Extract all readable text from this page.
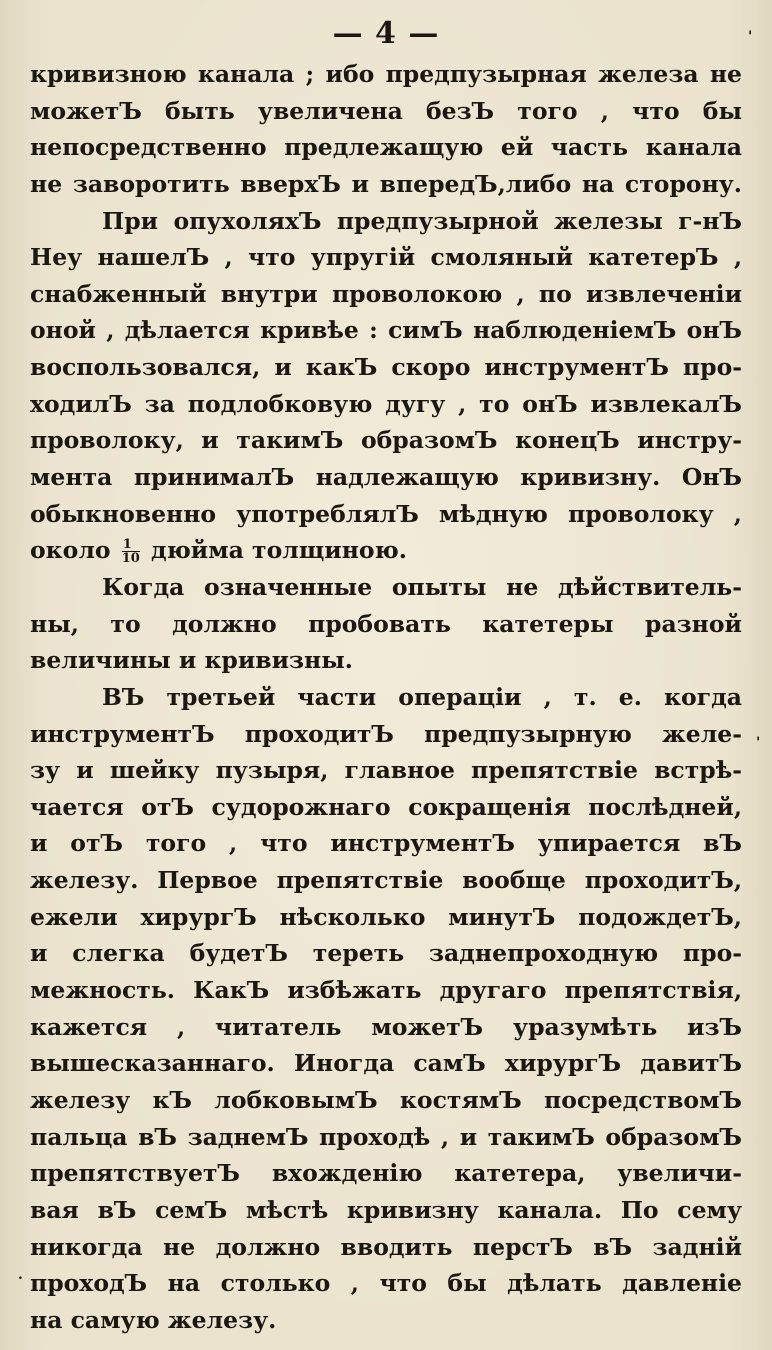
— 4 —
кривизною канала ; ибо предпузырная железа не
можетЪ быть увеличена безЪ того , что бы
непосредственно предлежащую ей часть канала
не заворотить вверхЪ и впередЪ,либо на сторону.
При опухоляхЪ предпузырной железы г-нЪ
Неу нашелЪ , что упругій смоляный катетерЪ ,
снабженный внутри проволокою , по извлеченіи
оной , дѣлается кривѣе : симЪ наблюденіемЪ онЪ
воспользовался, и какЪ скоро инструментЪ про-
ходилЪ за подлобковую дугу , то онЪ извлекалЪ
проволоку, и такимЪ образомЪ конецЪ инстру-
мента принималЪ надлежащую кривизну. ОнЪ
обыкновенно употреблялЪ мѣдную проволоку ,
около $\frac{1}{10}$ дюйма толщиною.
Когда означенные опыты не дѣйствитель-
ны, то должно пробовать катетеры разной
величины и кривизны.
ВЪ третьей части операціи , т. е. когда
инструментЪ проходитЪ предпузырную желе-
зу и шейку пузыря, главное препятствіе встрѣ-
чается отЪ судорожнаго сокращенія послѣдней,
и отЪ того , что инструментЪ упирается вЪ
железу. Первое препятствіе вообще проходитЪ,
ежели хирургЪ нѣсколько минутЪ подождетЪ,
и слегка будетЪ тереть заднепроходную про-
межность. КакЪ избѣжать другаго препятствія,
кажется , читатель можетЪ уразумѣть изЪ
вышесказаннаго. Иногда самЪ хирургЪ давитЪ
железу кЪ лобковымЪ костямЪ посредствомЪ
пальца вЪ заднемЪ проходѣ , и такимЪ образомЪ
препятствуетЪ вхожденію катетера, увеличи-
вая вЪ семЪ мѣстѣ кривизну канала. По сему
никогда не должно вводить перстЪ вЪ задній
проходЪ на столько , что бы дѣлать давленіе
на самую железу.
'
'
.
